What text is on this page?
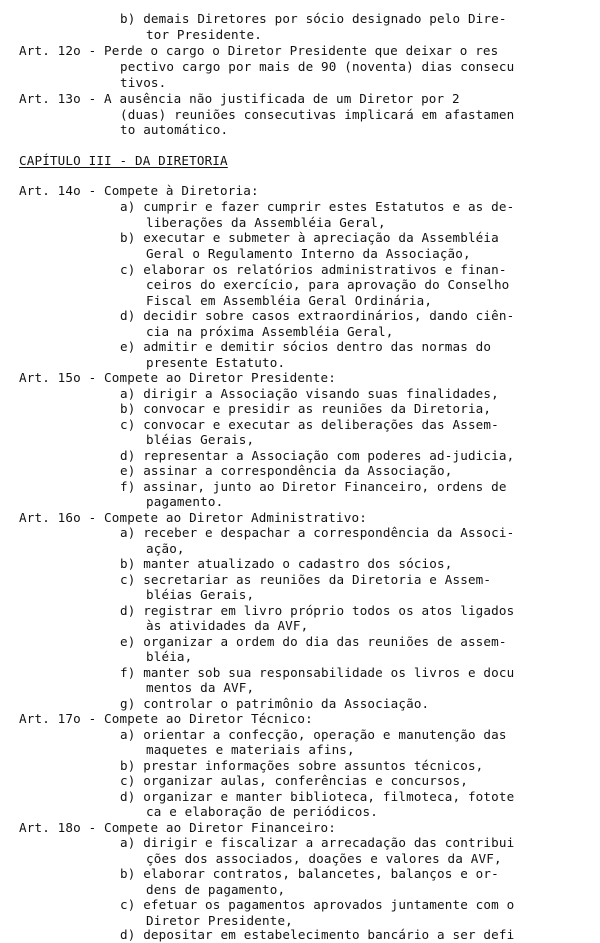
b) demais Diretores por sócio designado pelo Dire-
tor Presidente.
Art. 12o - Perde o cargo o Diretor Presidente que deixar o res
pectivo cargo por mais de 90 (noventa) dias consecu
tivos.
Art. 13o - A ausência não justificada de um Diretor por 2
(duas) reuniões consecutivas implicará em afastamen
to automático.
CAPÍTULO III - DA DIRETORIA
Art. 14o - Compete à Diretoria:
a) cumprir e fazer cumprir estes Estatutos e as de-
liberações da Assembléia Geral,
b) executar e submeter à apreciação da Assembléia
Geral o Regulamento Interno da Associação,
c) elaborar os relatórios administrativos e finan-
ceiros do exercício, para aprovação do Conselho
Fiscal em Assembléia Geral Ordinária,
d) decidir sobre casos extraordinários, dando ciên-
cia na próxima Assembléia Geral,
e) admitir e demitir sócios dentro das normas do
presente Estatuto.
Art. 15o - Compete ao Diretor Presidente:
a) dirigir a Associação visando suas finalidades,
b) convocar e presidir as reuniões da Diretoria,
c) convocar e executar as deliberações das Assem-
bléias Gerais,
d) representar a Associação com poderes ad-judicia,
e) assinar a correspondência da Associação,
f) assinar, junto ao Diretor Financeiro, ordens de
pagamento.
Art. 16o - Compete ao Diretor Administrativo:
a) receber e despachar a correspondência da Associ-
ação,
b) manter atualizado o cadastro dos sócios,
c) secretariar as reuniões da Diretoria e Assem-
bléias Gerais,
d) registrar em livro próprio todos os atos ligados
às atividades da AVF,
e) organizar a ordem do dia das reuniões de assem-
bléia,
f) manter sob sua responsabilidade os livros e docu
mentos da AVF,
g) controlar o patrimônio da Associação.
Art. 17o - Compete ao Diretor Técnico:
a) orientar a confecção, operação e manutenção das
maquetes e materiais afins,
b) prestar informações sobre assuntos técnicos,
c) organizar aulas, conferências e concursos,
d) organizar e manter biblioteca, filmoteca, fotote
ca e elaboração de periódicos.
Art. 18o - Compete ao Diretor Financeiro:
a) dirigir e fiscalizar a arrecadação das contribui
ções dos associados, doações e valores da AVF,
b) elaborar contratos, balancetes, balanços e or-
dens de pagamento,
c) efetuar os pagamentos aprovados juntamente com o
Diretor Presidente,
d) depositar em estabelecimento bancário a ser defi
